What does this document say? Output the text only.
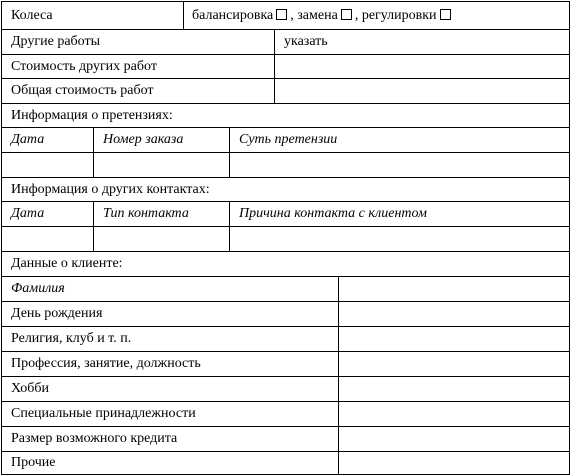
Колеса	балансировка , замена , регулировки
Другие работы	указать
Стоимость других работ
Общая стоимость работ
Информация о претензиях:
Дата	Номер заказа	Суть претензии
Информация о других контактах:
Дата	Тип контакта	Причина контакта с клиентом
Данные о клиенте:
Фамилия
День рождения
Религия, клуб и т. п.
Профессия, занятие, должность
Хобби
Специальные принадлежности
Размер возможного кредита
Прочие
